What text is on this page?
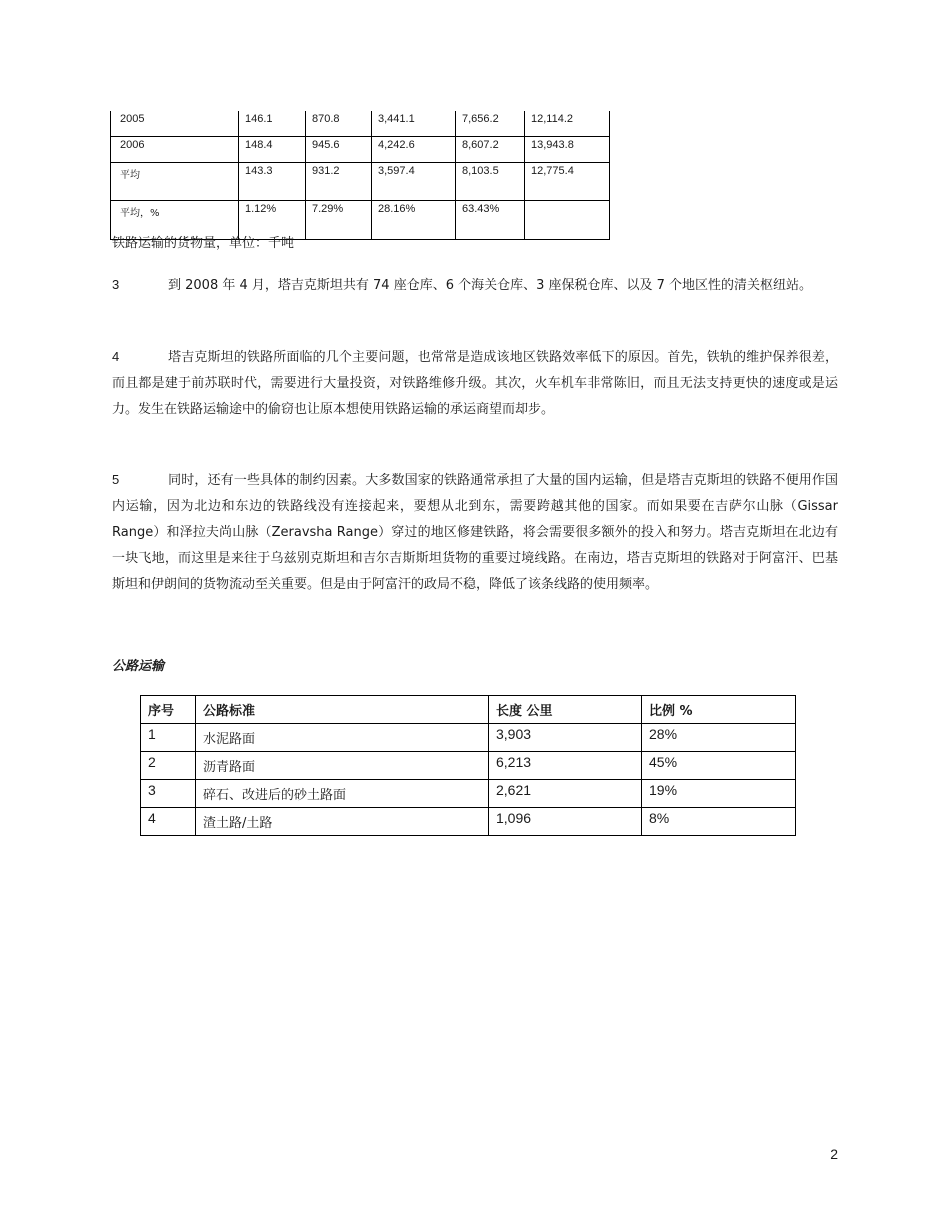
2005	146.1	870.8	3,441.1	7,656.2	12,114.2
2006	148.4	945.6	4,242.6	8,607.2	13,943.8
平均	143.3	931.2	3,597.4	8,103.5	12,775.4
平均，%	1.12%	7.29%	28.16%	63.43%	
铁路运输的货物量，单位：千吨

3	到 2008 年 4 月，塔吉克斯坦共有 74 座仓库、6 个海关仓库、3 座保税仓库、以及 7 个地区性的清关枢纽站。

4	塔吉克斯坦的铁路所面临的几个主要问题，也常常是造成该地区铁路效率低下的原因。首先，铁轨的维护保养很差，而且都是建于前苏联时代，需要进行大量投资，对铁路维修升级。其次，火车机车非常陈旧，而且无法支持更快的速度或是运力。发生在铁路运输途中的偷窃也让原本想使用铁路运输的承运商望而却步。

5	同时，还有一些具体的制约因素。大多数国家的铁路通常承担了大量的国内运输，但是塔吉克斯坦的铁路不便用作国内运输，因为北边和东边的铁路线没有连接起来，要想从北到东，需要跨越其他的国家。而如果要在吉萨尔山脉（Gissar Range）和泽拉夫尚山脉（Zeravsha Range）穿过的地区修建铁路，将会需要很多额外的投入和努力。塔吉克斯坦在北边有一块飞地，而这里是来往于乌兹别克斯坦和吉尔吉斯斯坦货物的重要过境线路。在南边，塔吉克斯坦的铁路对于阿富汗、巴基斯坦和伊朗间的货物流动至关重要。但是由于阿富汗的政局不稳，降低了该条线路的使用频率。

公路运输
序号	公路标准	长度 公里	比例 %
1	水泥路面	3,903	28%
2	沥青路面	6,213	45%
3	碎石、改进后的砂土路面	2,621	19%
4	渣土路/土路	1,096	8%
2
